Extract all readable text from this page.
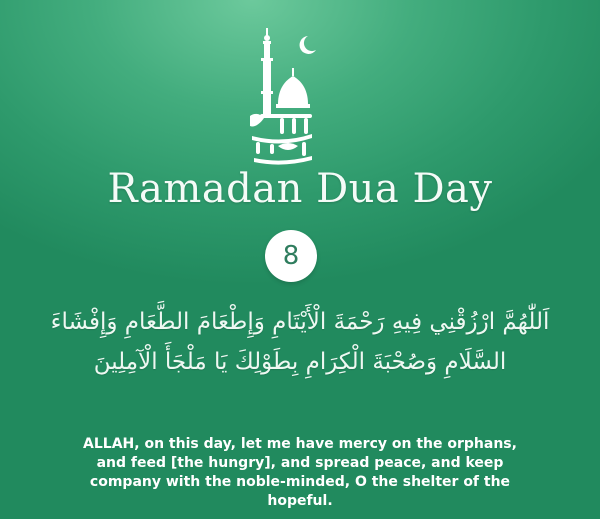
Ramadan Dua Day
8
اَللّٰهُمَّ ارْزُقْنِي فِيهِ رَحْمَةَ الْأَيْتَامِ وَإِطْعَامَ الطَّعَامِ وَإِفْشَاءَ السَّلَامِ وَصُحْبَةَ الْكِرَامِ بِطَوْلِكَ يَا مَلْجَأَ الْآمِلِينَ
ALLAH, on this day, let me have mercy on the orphans, and feed [the hungry], and spread peace, and keep company with the noble-minded, O the shelter of the hopeful.
